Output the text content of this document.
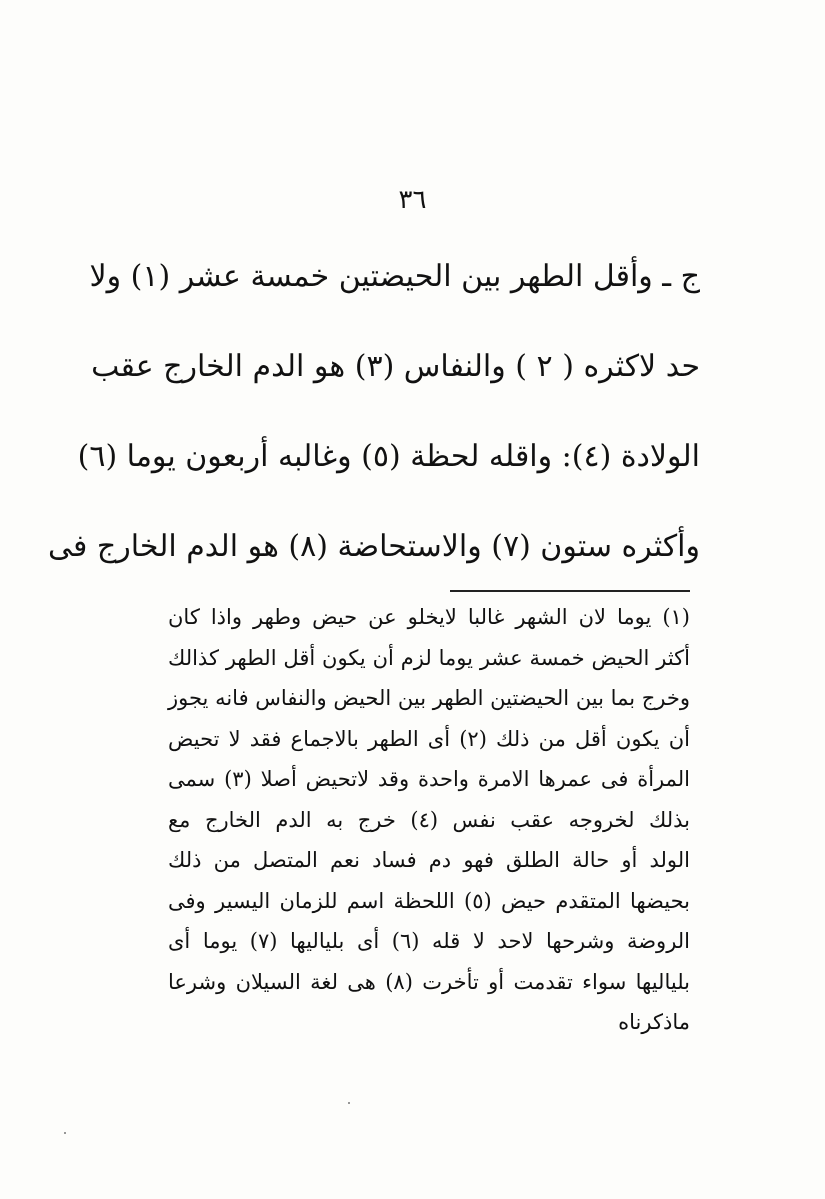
٣٦
ج ـ وأقل الطهر بين الحيضتين خمسة عشر (١) ولا
حد لاكثره ( ٢ ) والنفاس (٣) هو الدم الخارج عقب
الولادة (٤): واقله لحظة (٥) وغالبه أربعون يوما (٦)
وأكثره ستون (٧) والاستحاضة (٨) هو الدم الخارج فى
(١) يوما لان الشهر غالبا لايخلو عن حيض وطهر واذا كان
أكثر الحيض خمسة عشر يوما لزم أن يكون أقل الطهر كذالك
وخرج بما بين الحيضتين الطهر بين الحيض والنفاس فانه يجوز
أن يكون أقل من ذلك (٢) أى الطهر بالاجماع فقد لا تحيض
المرأة فى عمرها الامرة واحدة وقد لاتحيض أصلا (٣) سمى
بذلك لخروجه عقب نفس (٤) خرج به الدم الخارج مع
الولد أو حالة الطلق فهو دم فساد نعم المتصل من ذلك
بحيضها المتقدم حيض (٥) اللحظة اسم للزمان اليسير وفى
الروضة وشرحها لاحد لا قله (٦) أى بلياليها (٧) يوما أى
بلياليها سواء تقدمت أو تأخرت (٨) هى لغة السيلان وشرعا
ماذكرناه
